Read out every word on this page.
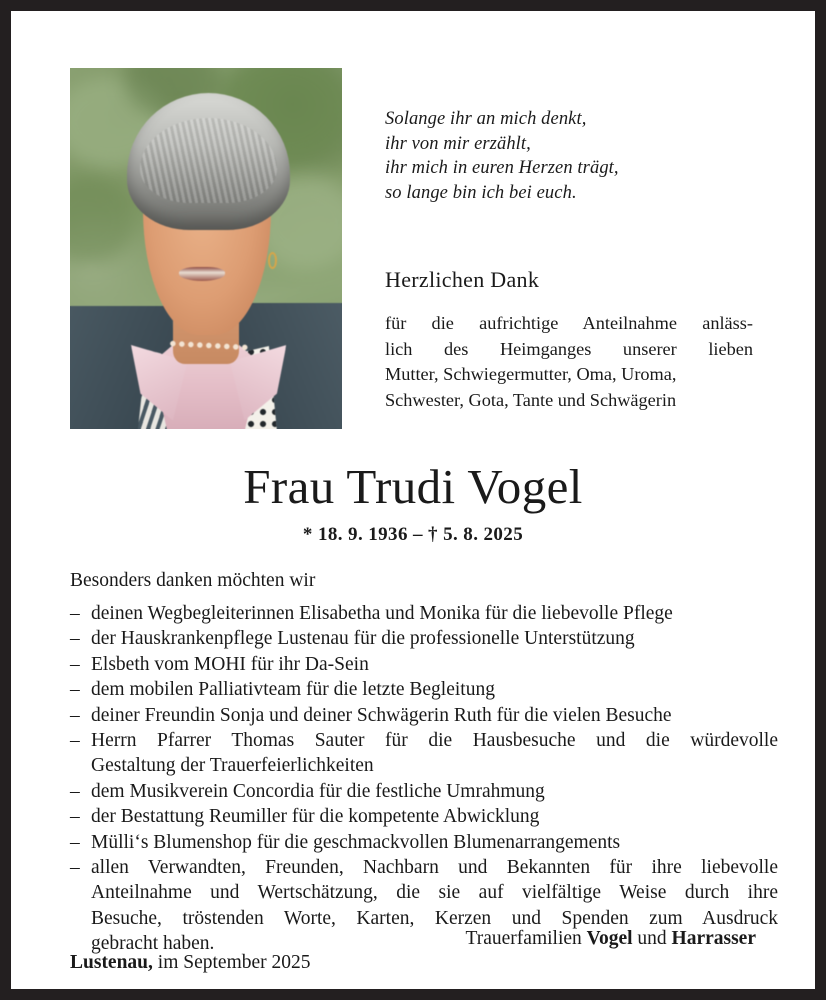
Solange ihr an mich denkt,
ihr von mir erzählt,
ihr mich in euren Herzen trägt,
so lange bin ich bei euch.
Herzlichen Dank
für die aufrichtige Anteilnahme anläss-
lich des Heimganges unserer lieben
Mutter, Schwiegermutter, Oma, Uroma,
Schwester, Gota, Tante und Schwägerin
Frau Trudi Vogel
* 18. 9. 1936 – † 5. 8. 2025
Besonders danken möchten wir
– deinen Wegbegleiterinnen Elisabetha und Monika für die liebevolle Pflege
– der Hauskrankenpflege Lustenau für die professionelle Unterstützung
– Elsbeth vom MOHI für ihr Da-Sein
– dem mobilen Palliativteam für die letzte Begleitung
– deiner Freundin Sonja und deiner Schwägerin Ruth für die vielen Besuche
– Herrn Pfarrer Thomas Sauter für die Hausbesuche und die würdevolle
Gestaltung der Trauerfeierlichkeiten
– dem Musikverein Concordia für die festliche Umrahmung
– der Bestattung Reumiller für die kompetente Abwicklung
– Mülli‘s Blumenshop für die geschmackvollen Blumenarrangements
– allen Verwandten, Freunden, Nachbarn und Bekannten für ihre liebevolle
Anteilnahme und Wertschätzung, die sie auf vielfältige Weise durch ihre
Besuche, tröstenden Worte, Karten, Kerzen und Spenden zum Ausdruck
gebracht haben.	Trauerfamilien Vogel und Harrasser
Lustenau, im September 2025
